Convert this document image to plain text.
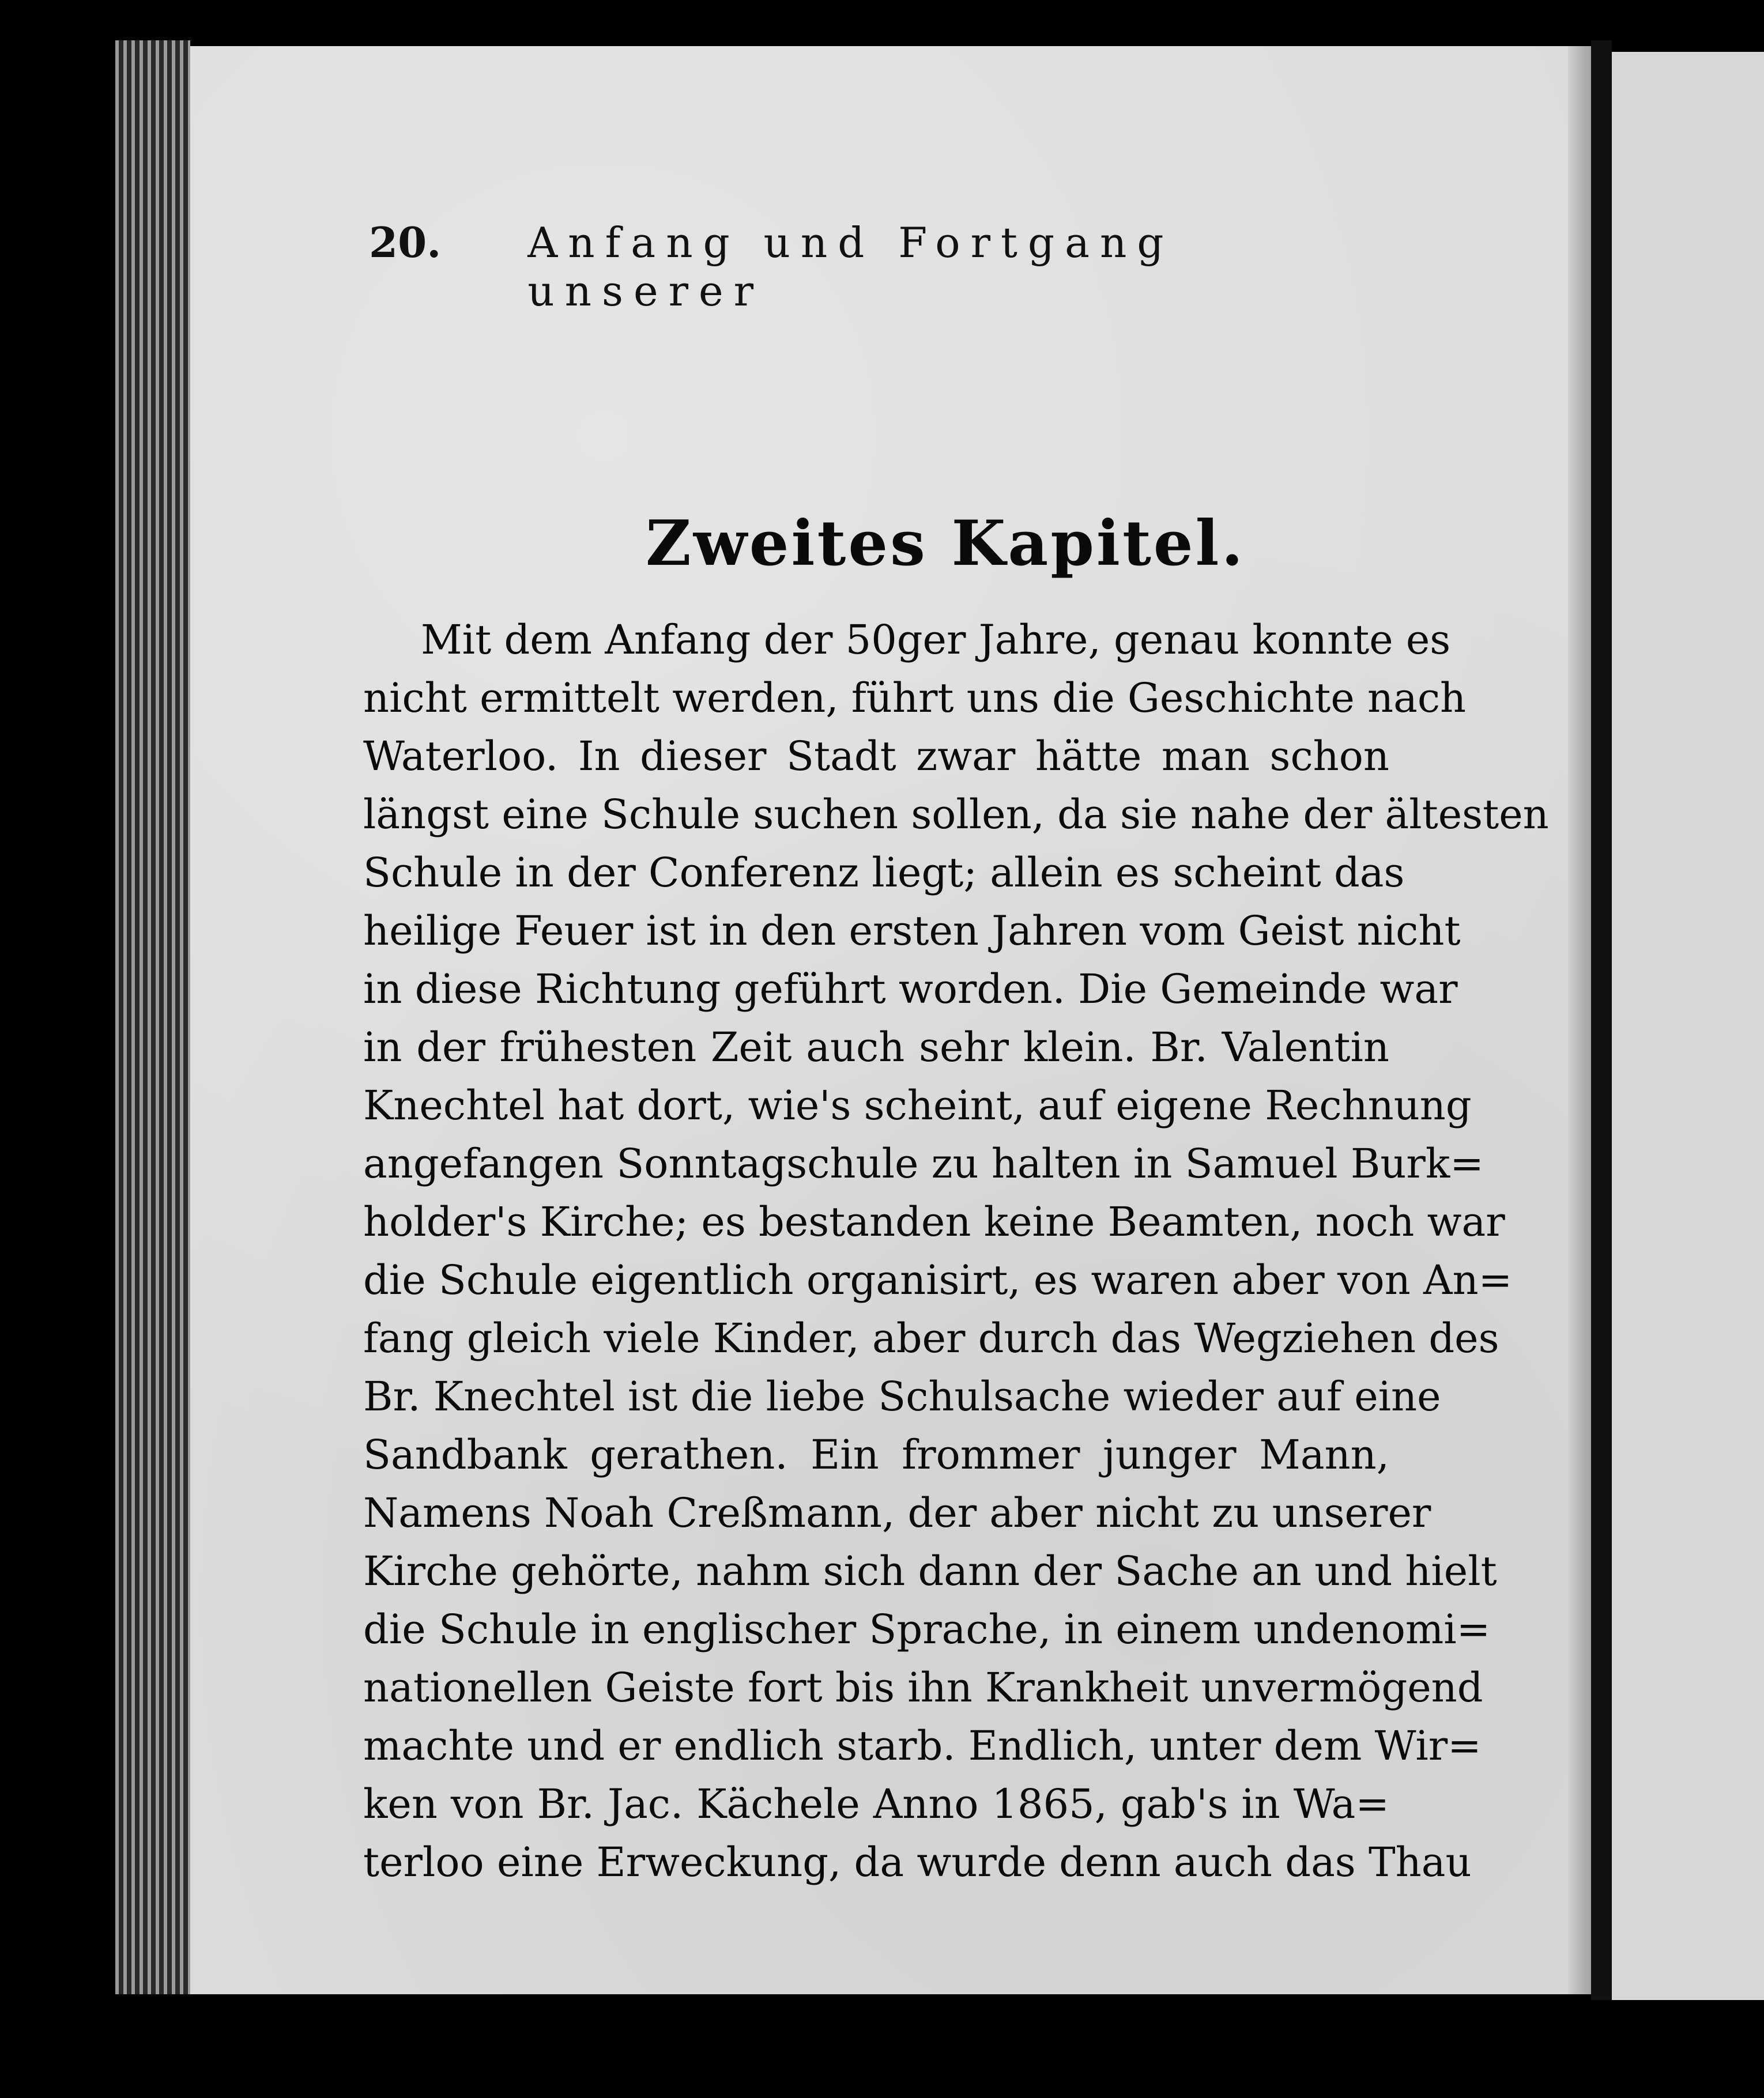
20. Anfang und Fortgang unserer
Zweites Kapitel.
Mit dem Anfang der 50ger Jahre, genau konnte es
nicht ermittelt werden, führt uns die Geschichte nach
Waterloo. In dieser Stadt zwar hätte man schon
längst eine Schule suchen sollen, da sie nahe der ältesten
Schule in der Conferenz liegt; allein es scheint das
heilige Feuer ist in den ersten Jahren vom Geist nicht
in diese Richtung geführt worden. Die Gemeinde war
in der frühesten Zeit auch sehr klein. Br. Valentin
Knechtel hat dort, wie's scheint, auf eigene Rechnung
angefangen Sonntagschule zu halten in Samuel Burk=
holder's Kirche; es bestanden keine Beamten, noch war
die Schule eigentlich organisirt, es waren aber von An=
fang gleich viele Kinder, aber durch das Wegziehen des
Br. Knechtel ist die liebe Schulsache wieder auf eine
Sandbank gerathen. Ein frommer junger Mann,
Namens Noah Creßmann, der aber nicht zu unserer
Kirche gehörte, nahm sich dann der Sache an und hielt
die Schule in englischer Sprache, in einem undenomi=
nationellen Geiste fort bis ihn Krankheit unvermögend
machte und er endlich starb. Endlich, unter dem Wir=
ken von Br. Jac. Kächele Anno 1865, gab's in Wa=
terloo eine Erweckung, da wurde denn auch das Thau
